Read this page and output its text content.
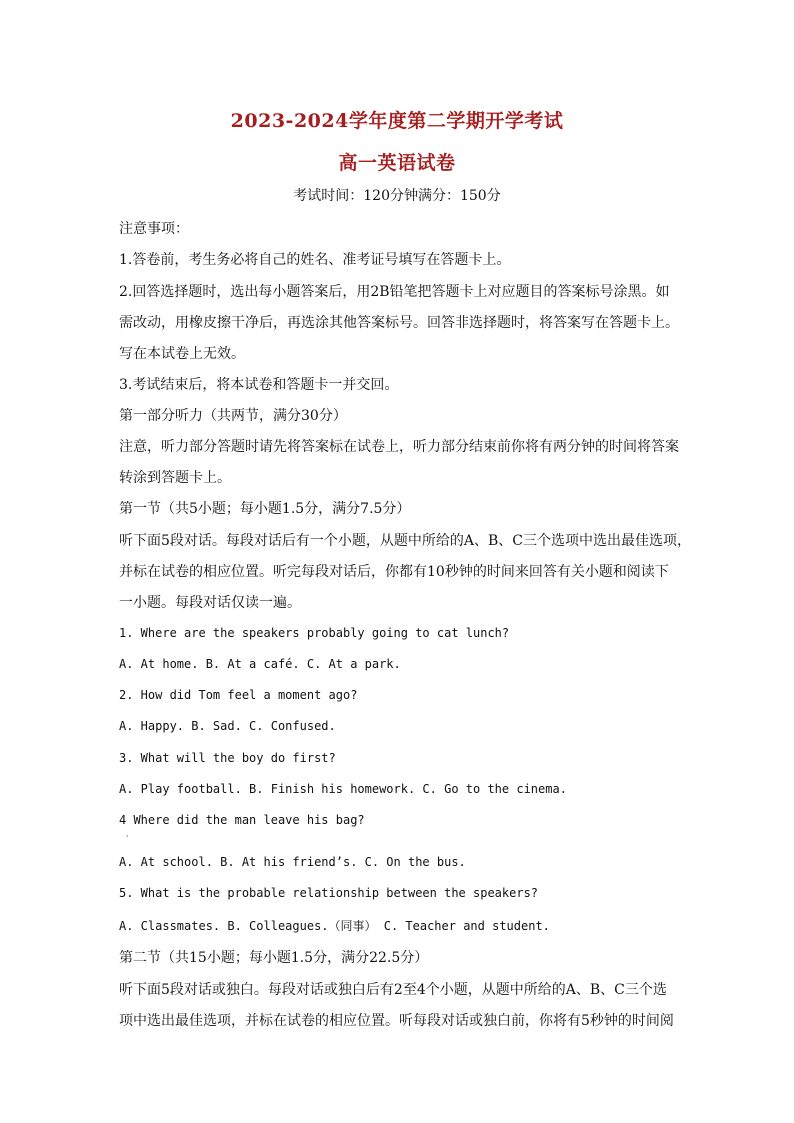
2023-2024学年度第二学期开学考试
高一英语试卷
考试时间：120分钟满分：150分
注意事项：
1.答卷前，考生务必将自己的姓名、准考证号填写在答题卡上。
2.回答选择题时，选出每小题答案后，用2B铅笔把答题卡上对应题目的答案标号涂黑。如
需改动，用橡皮擦干净后，再选涂其他答案标号。回答非选择题时，将答案写在答题卡上。
写在本试卷上无效。
3.考试结束后，将本试卷和答题卡一并交回。
第一部分听力（共两节，满分30分）
注意，听力部分答题时请先将答案标在试卷上，听力部分结束前你将有两分钟的时间将答案
转涂到答题卡上。
第一节（共5小题；每小题1.5分，满分7.5分）
听下面5段对话。每段对话后有一个小题，从题中所给的A、B、C三个选项中选出最佳选项，
并标在试卷的相应位置。听完每段对话后，你都有10秒钟的时间来回答有关小题和阅读下
一小题。每段对话仅读一遍。
1. Where are the speakers probably going to cat lunch?
A. At home. B. At a café. C. At a park.
2. How did Tom feel a moment ago?
A. Happy. B. Sad. C. Confused.
3. What will the boy do first?
A. Play football. B. Finish his homework. C. Go to the cinema.
4 Where did the man leave his bag?
'
A. At school. B. At his friend’s. C. On the bus.
5. What is the probable relationship between the speakers?
A. Classmates. B. Colleagues.（同事） C. Teacher and student.
第二节（共15小题；每小题1.5分，满分22.5分）
听下面5段对话或独白。每段对话或独白后有2至4个小题，从题中所给的A、B、C三个选
项中选出最佳选项，并标在试卷的相应位置。听每段对话或独白前，你将有5秒钟的时间阅
